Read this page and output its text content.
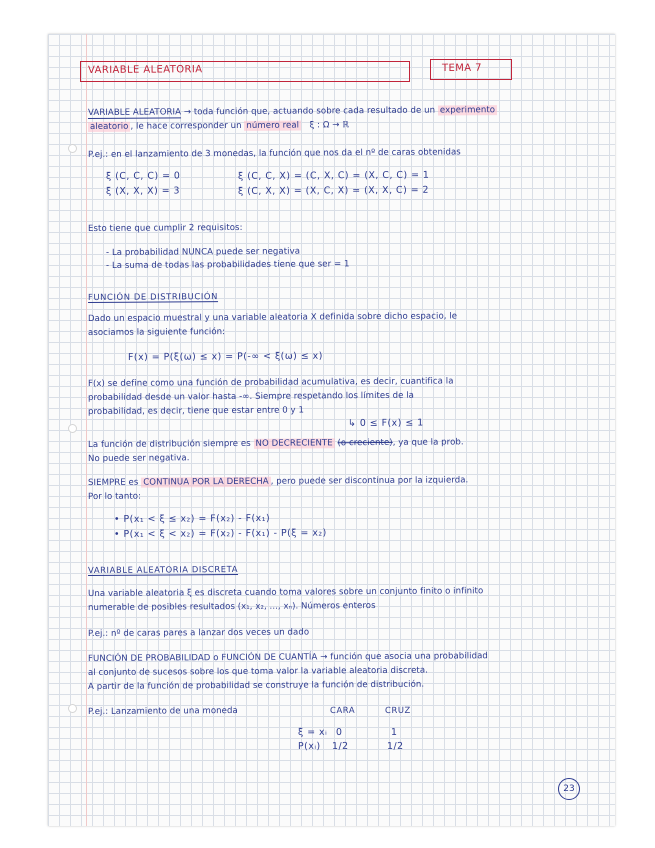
VARIABLE ALEATORIA	TEMA 7
VARIABLE ALEATORIA → toda función que, actuando sobre cada resultado de un experimento
aleatorio , le hace corresponder un número real ξ : Ω → ℝ
P.ej.: en el lanzamiento de 3 monedas, la función que nos da el nº de caras obtenidas
ξ (C, C, C) = 0	ξ (C, C, X) = (C, X, C) = (X, C, C) = 1
ξ (X, X, X) = 3	ξ (C, X, X) = (X, C, X) = (X, X, C) = 2
Esto tiene que cumplir 2 requisitos:
- La probabilidad NUNCA puede ser negativa
- La suma de todas las probabilidades tiene que ser = 1
FUNCIÓN DE DISTRIBUCIÓN
Dado un espacio muestral y una variable aleatoria X definida sobre dicho espacio, le
asociamos la siguiente función:
F(x) = P(ξ(ω) ≤ x) = P(-∞ < ξ(ω) ≤ x)
F(x) se define como una función de probabilidad acumulativa, es decir, cuantifica la
probabilidad desde un valor hasta -∞. Siempre respetando los límites de la
probabilidad, es decir, tiene que estar entre 0 y 1
↳ 0 ≤ F(x) ≤ 1
La función de distribución siempre es NO DECRECIENTE (o creciente), ya que la prob.
No puede ser negativa.
SIEMPRE es CONTINUA POR LA DERECHA , pero puede ser discontinua por la izquierda.
Por lo tanto:
• P(x₁ < ξ ≤ x₂) = F(x₂) - F(x₁)
• P(x₁ < ξ < x₂) = F(x₂) - F(x₁) - P(ξ = x₂)
VARIABLE ALEATORIA DISCRETA
Una variable aleatoria ξ es discreta cuando toma valores sobre un conjunto finito o infinito
numerable de posibles resultados (x₁, x₂, ..., xₙ). Números enteros
P.ej.: nº de caras pares a lanzar dos veces un dado
FUNCIÓN DE PROBABILIDAD o FUNCIÓN DE CUANTÍA → función que asocia una probabilidad
al conjunto de sucesos sobre los que toma valor la variable aleatoria discreta.
A partir de la función de probabilidad se construye la función de distribución.
P.ej.: Lanzamiento de una moneda	CARA	CRUZ
ξ = xᵢ 0	1
P(xᵢ) 1/2	1/2
23
